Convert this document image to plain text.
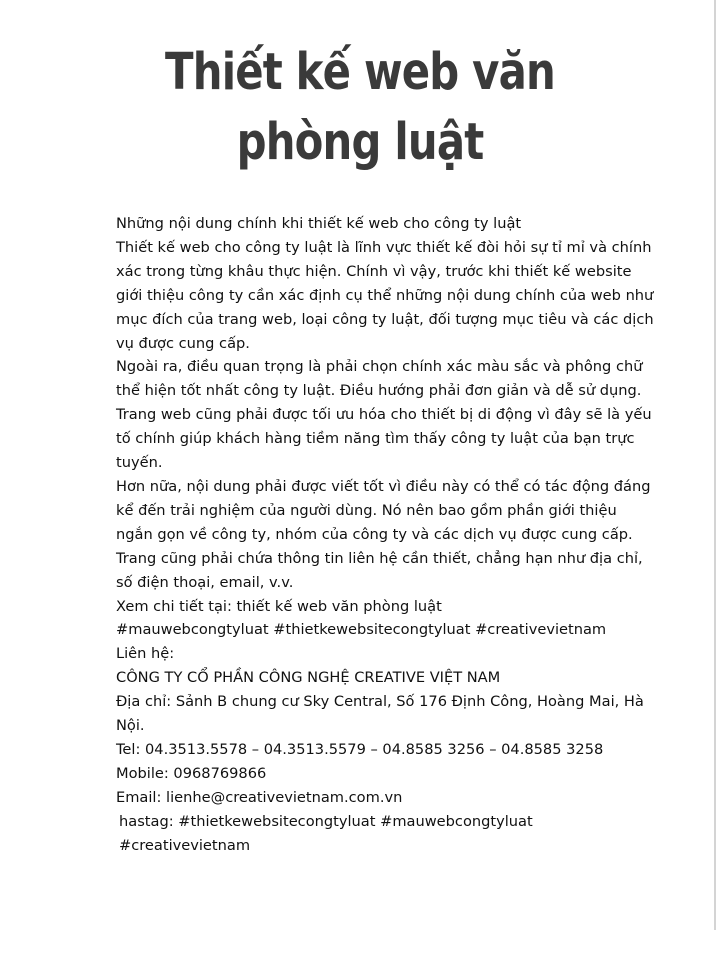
Thiết kế web văn phòng luật

Những nội dung chính khi thiết kế web cho công ty luật

Thiết kế web cho công ty luật là lĩnh vực thiết kế đòi hỏi sự tỉ mỉ và chính xác trong từng khâu thực hiện. Chính vì vậy, trước khi thiết kế website giới thiệu công ty cần xác định cụ thể những nội dung chính của web như mục đích của trang web, loại công ty luật, đối tượng mục tiêu và các dịch vụ được cung cấp.

Ngoài ra, điều quan trọng là phải chọn chính xác màu sắc và phông chữ thể hiện tốt nhất công ty luật. Điều hướng phải đơn giản và dễ sử dụng. Trang web cũng phải được tối ưu hóa cho thiết bị di động vì đây sẽ là yếu tố chính giúp khách hàng tiềm năng tìm thấy công ty luật của bạn trực tuyến.

Hơn nữa, nội dung phải được viết tốt vì điều này có thể có tác động đáng kể đến trải nghiệm của người dùng. Nó nên bao gồm phần giới thiệu ngắn gọn về công ty, nhóm của công ty và các dịch vụ được cung cấp. Trang cũng phải chứa thông tin liên hệ cần thiết, chẳng hạn như địa chỉ, số điện thoại, email, v.v.

Xem chi tiết tại: thiết kế web văn phòng luật

#mauwebcongtyluat #thietkewebsitecongtyluat #creativevietnam

Liên hệ:

CÔNG TY CỔ PHẦN CÔNG NGHỆ CREATIVE VIỆT NAM

Địa chỉ: Sảnh B chung cư Sky Central, Số 176 Định Công, Hoàng Mai, Hà Nội.

Tel: 04.3513.5578 – 04.3513.5579 – 04.8585 3256 – 04.8585 3258

Mobile: 0968769866

Email: lienhe@creativevietnam.com.vn

hastag: #thietkewebsitecongtyluat #mauwebcongtyluat #creativevietnam
